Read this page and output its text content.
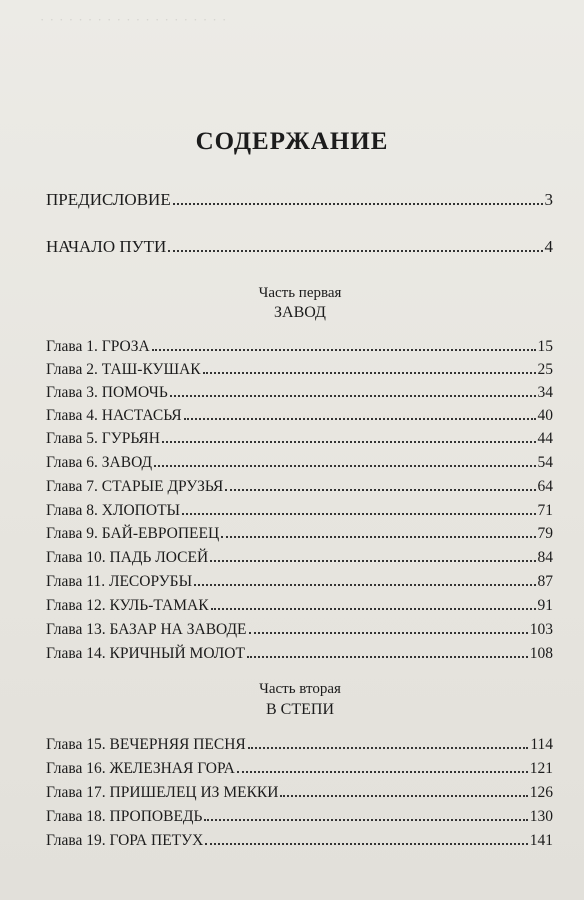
· · · · · · · · · · · · · · · · · · · ·
СОДЕРЖАНИЕ
ПРЕДИСЛОВИЕ	3
НАЧАЛО ПУТИ	4
Часть первая
ЗАВОД
Глава 1. ГРОЗА	15
Глава 2. ТАШ-КУШАК	25
Глава 3. ПОМОЧЬ	34
Глава 4. НАСТАСЬЯ	40
Глава 5. ГУРЬЯН	44
Глава 6. ЗАВОД	54
Глава 7. СТАРЫЕ ДРУЗЬЯ	64
Глава 8. ХЛОПОТЫ	71
Глава 9. БАЙ-ЕВРОПЕЕЦ	79
Глава 10. ПАДЬ ЛОСЕЙ	84
Глава 11. ЛЕСОРУБЫ	87
Глава 12. КУЛЬ-ТАМАК	91
Глава 13. БАЗАР НА ЗАВОДЕ	103
Глава 14. КРИЧНЫЙ МОЛОТ	108
Часть вторая
В СТЕПИ
Глава 15. ВЕЧЕРНЯЯ ПЕСНЯ	114
Глава 16. ЖЕЛЕЗНАЯ ГОРА	121
Глава 17. ПРИШЕЛЕЦ ИЗ МЕККИ	126
Глава 18. ПРОПОВЕДЬ	130
Глава 19. ГОРА ПЕТУХ	141
